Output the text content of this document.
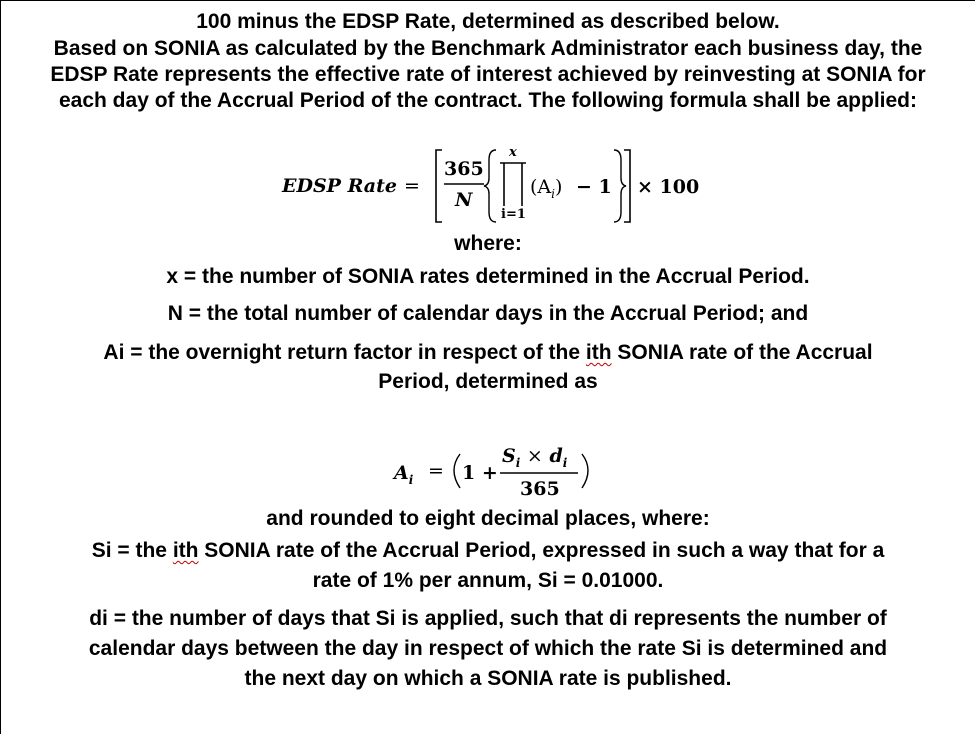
100 minus the EDSP Rate, determined as described below.
Based on SONIA as calculated by the Benchmark Administrator each business day, the
EDSP Rate represents the effective rate of interest achieved by reinvesting at SONIA for
each day of the Accrual Period of the contract. The following formula shall be applied:
EDSP Rate =
365
N
x
i=1
$(A_i) - 1 \times 100$
where:
x = the number of SONIA rates determined in the Accrual Period.
N = the total number of calendar days in the Accrual Period; and
Ai = the overnight return factor in respect of the ith SONIA rate of the Accrual
Period, determined as
$A_i = 1$ +
$S_i \times d_i$
365
and rounded to eight decimal places, where:
Si = the ith SONIA rate of the Accrual Period, expressed in such a way that for a
rate of 1% per annum, Si = 0.01000.
di = the number of days that Si is applied, such that di represents the number of
calendar days between the day in respect of which the rate Si is determined and
the next day on which a SONIA rate is published.
